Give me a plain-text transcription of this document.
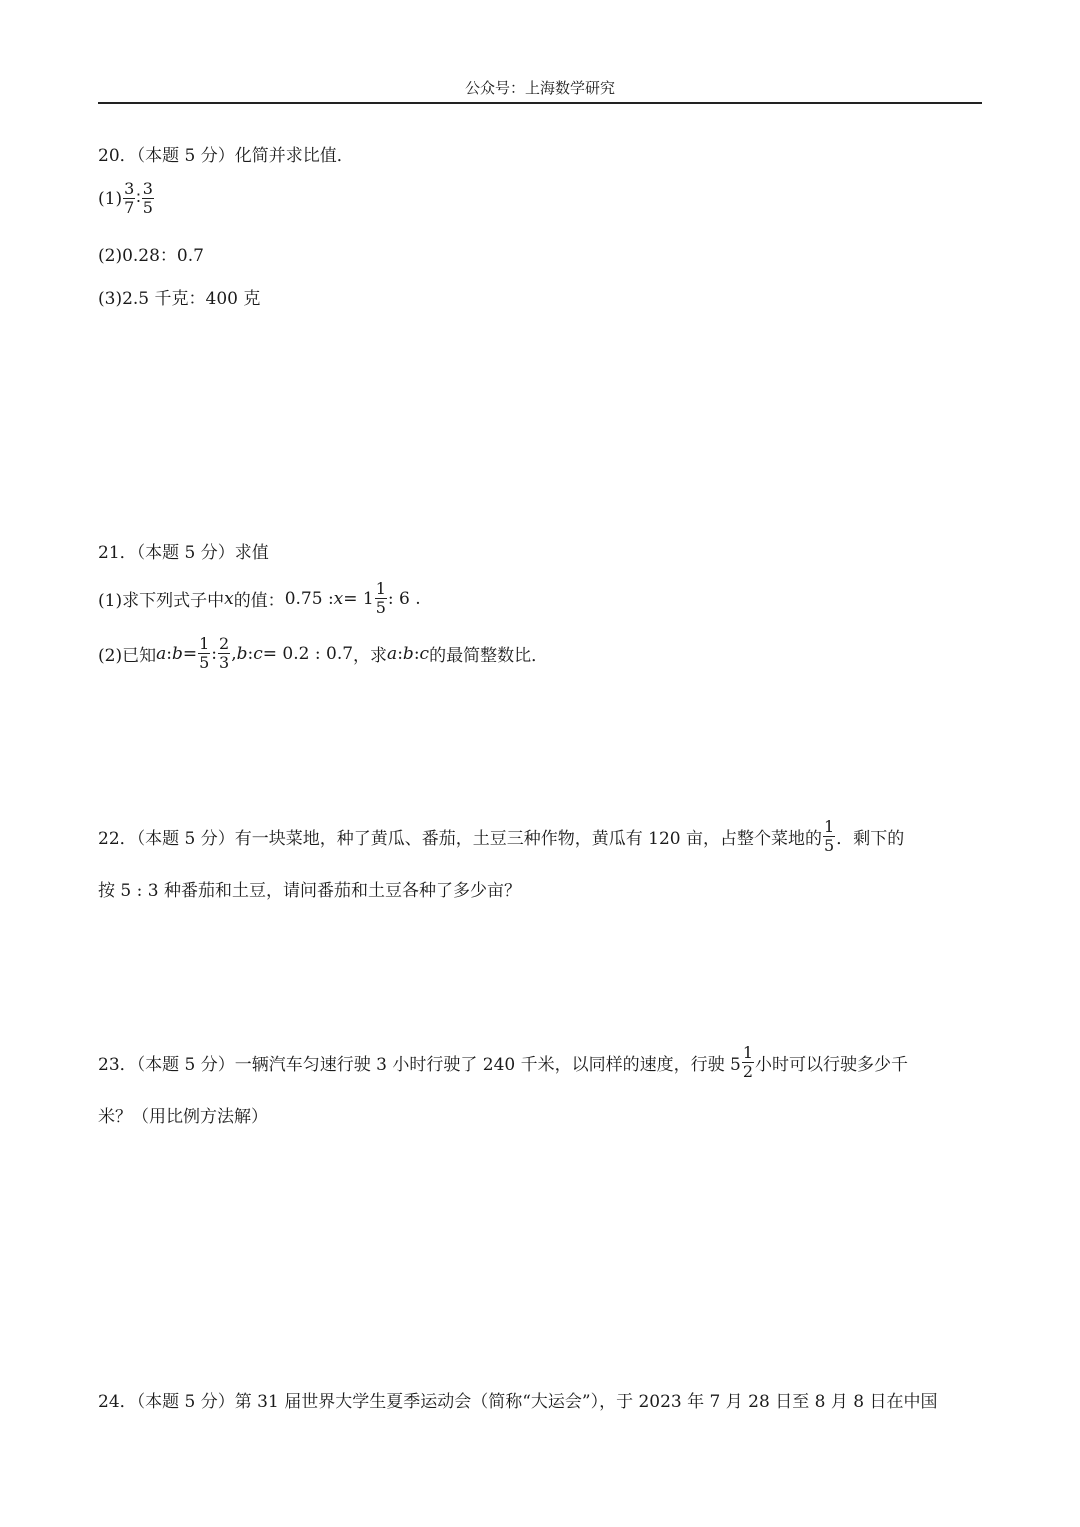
公众号：上海数学研究
20．（本题 5 分）化简并求比值．
$(1) \frac{3}{7}$ ∶ $\frac{3}{5}$
(2)0.28：0.7
(3)2.5 千克：400 克
21．（本题 5 分）求值
(1)求下列式子中 x 的值： 0.75 : $x = 1 \frac{1}{5}$ : 6 .
(2)已知 a : $b = \frac{1}{5}$ : $\frac{2}{3}$ , b : c = 0.2 : 0.7 ，求 a : b : c 的最简整数比．
22．（本题 5 分）有一块菜地，种了黄瓜、番茄，土豆三种作物，黄瓜有 120 亩，占整个菜地的 $\frac{1}{5}$ ．剩下的
按 5 : 3 种番茄和土豆，请问番茄和土豆各种了多少亩？
23．（本题 5 分）一辆汽车匀速行驶 3 小时行驶了 240 千米，以同样的速度，行驶 $5 \frac{1}{2}$ 小时可以行驶多少千
米？（用比例方法解）
24．（本题 5 分）第 31 届世界大学生夏季运动会（简称“大运会”），于 2023 年 7 月 28 日至 8 月 8 日在中国
